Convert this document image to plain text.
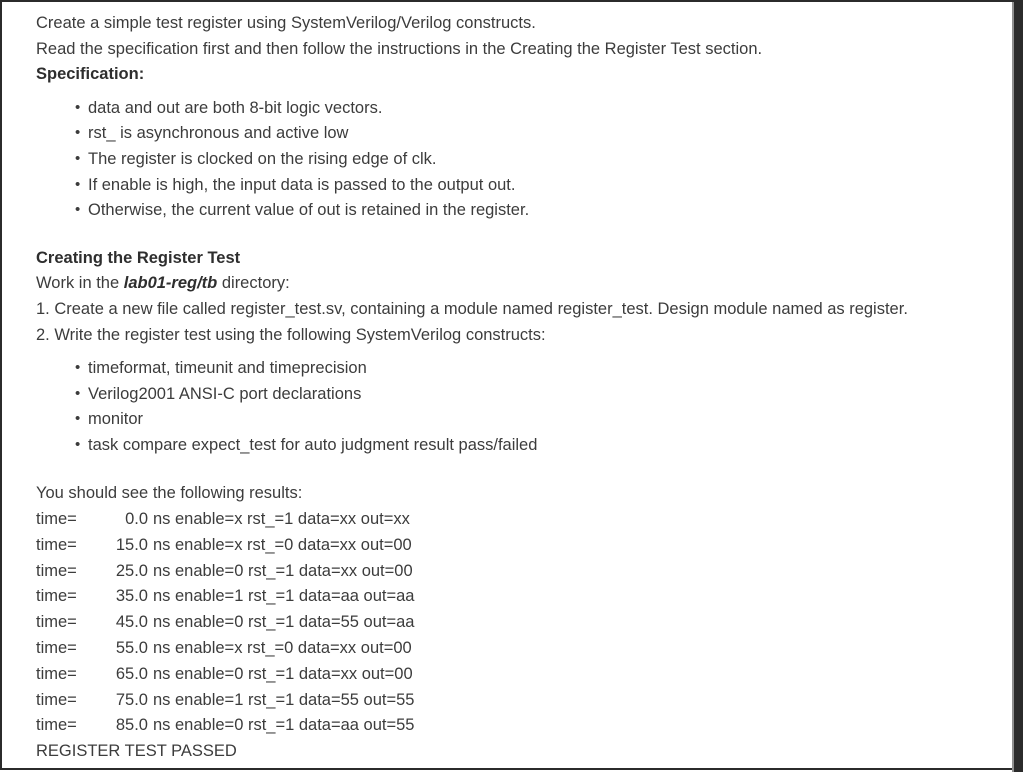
Create a simple test register using SystemVerilog/Verilog constructs.
Read the specification first and then follow the instructions in the Creating the Register Test section.
Specification:
• data and out are both 8-bit logic vectors.
• rst_ is asynchronous and active low
• The register is clocked on the rising edge of clk.
• If enable is high, the input data is passed to the output out.
• Otherwise, the current value of out is retained in the register.
Creating the Register Test
Work in the lab01-reg/tb directory:
1. Create a new file called register_test.sv, containing a module named register_test. Design module named as register.
2. Write the register test using the following SystemVerilog constructs:
• timeformat, timeunit and timeprecision
• Verilog2001 ANSI-C port declarations
• monitor
• task compare expect_test for auto judgment result pass/failed
You should see the following results:
time=	0.0 ns enable=x rst_=1 data=xx out=xx
time= 15.0 ns enable=x rst_=0 data=xx out=00
time= 25.0 ns enable=0 rst_=1 data=xx out=00
time= 35.0 ns enable=1 rst_=1 data=aa out=aa
time= 45.0 ns enable=0 rst_=1 data=55 out=aa
time= 55.0 ns enable=x rst_=0 data=xx out=00
time= 65.0 ns enable=0 rst_=1 data=xx out=00
time= 75.0 ns enable=1 rst_=1 data=55 out=55
time= 85.0 ns enable=0 rst_=1 data=aa out=55
REGISTER TEST PASSED
